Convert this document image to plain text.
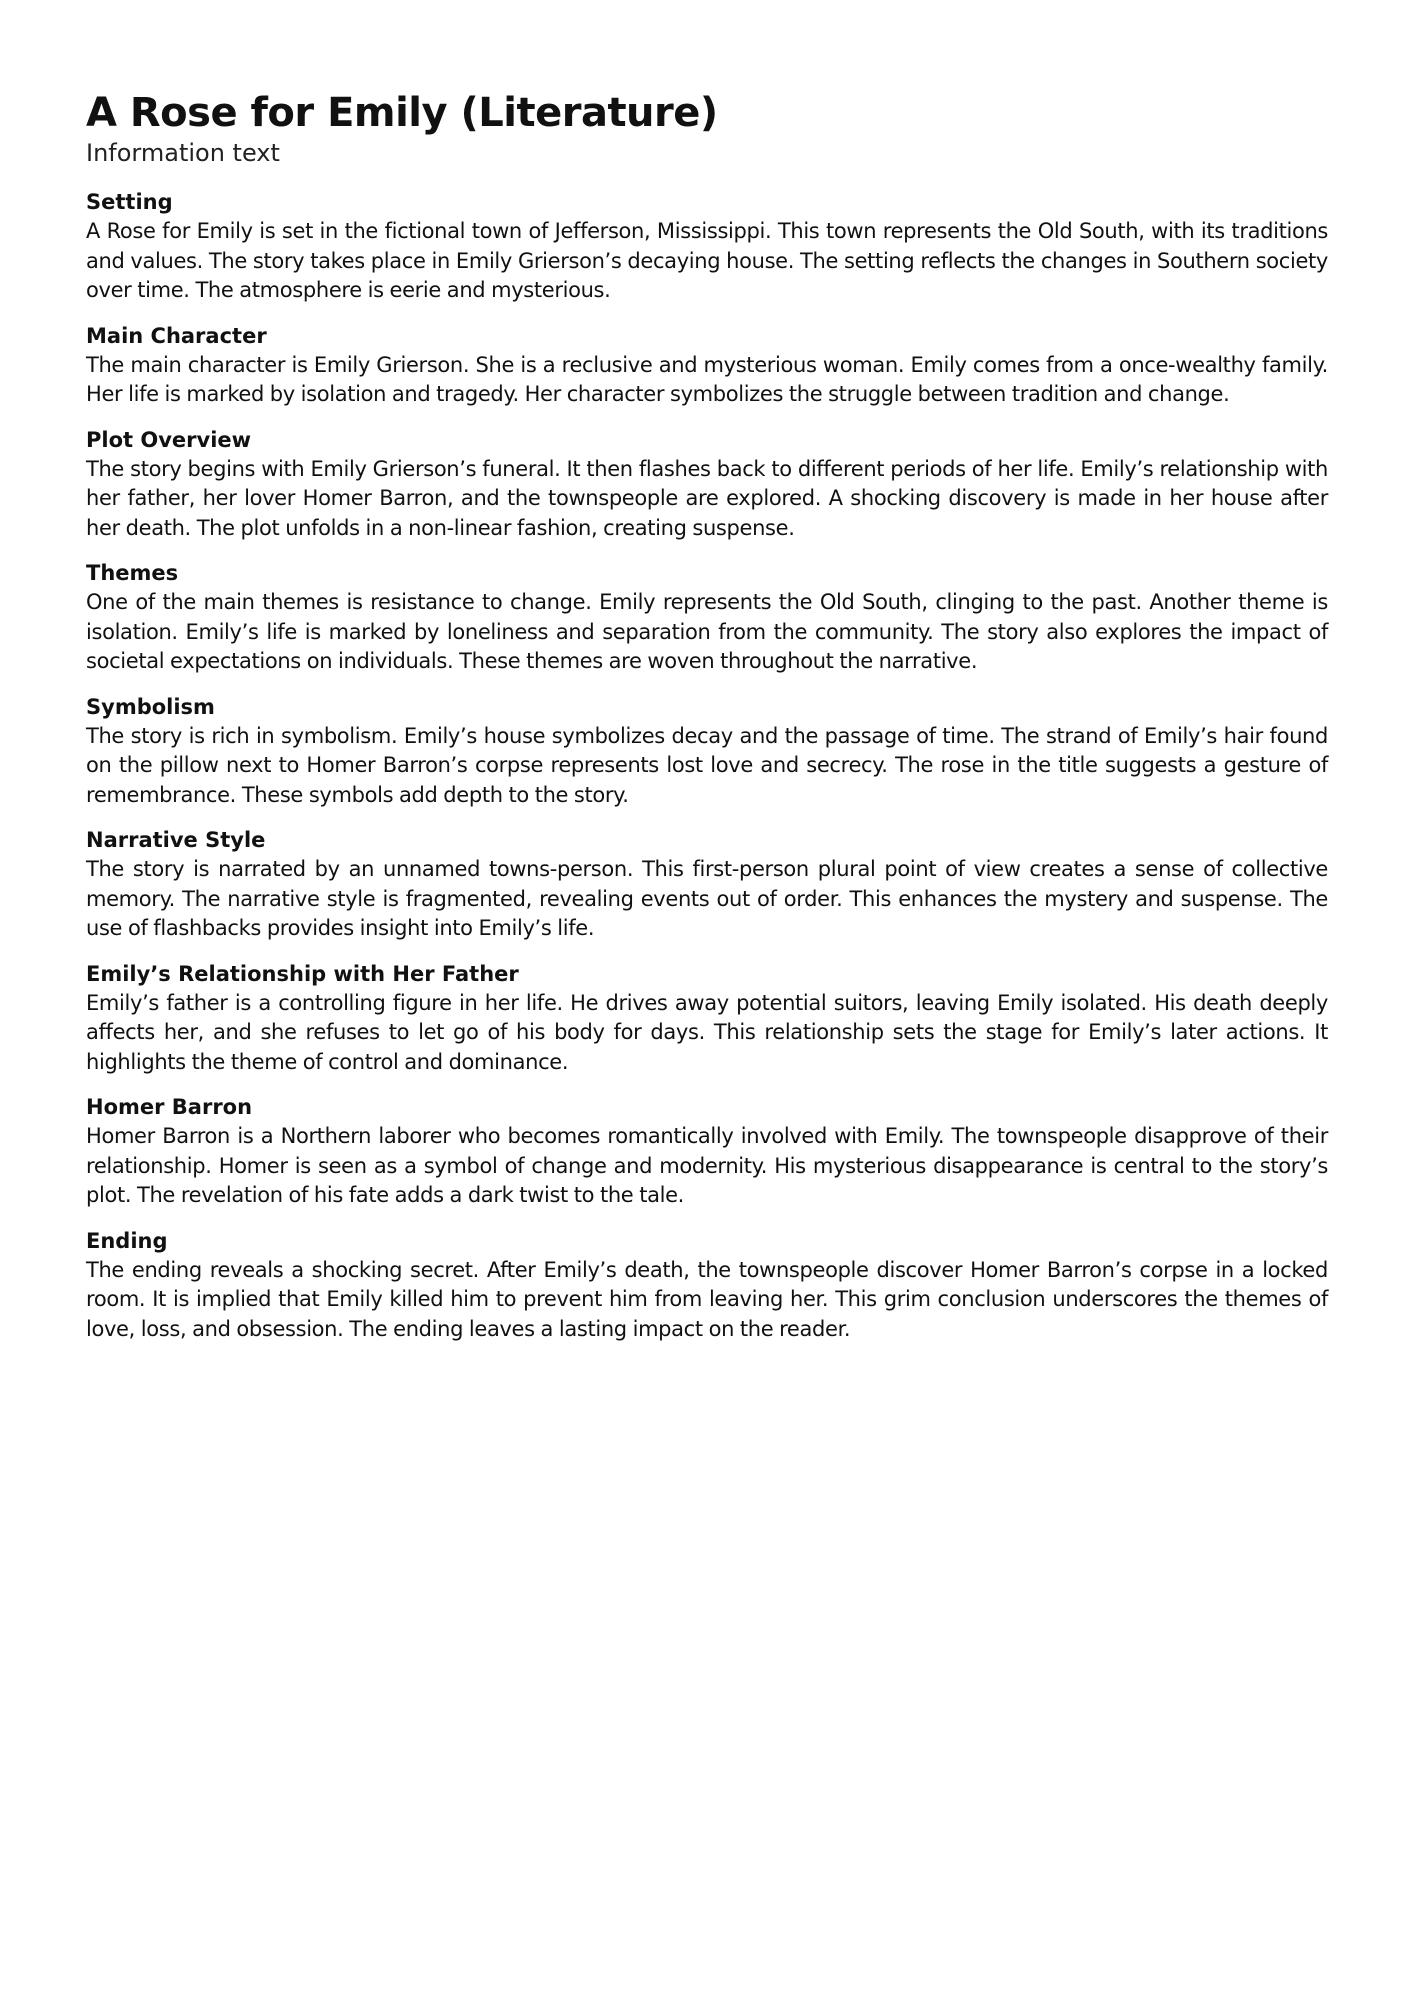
A Rose for Emily (Literature)

Information text

Setting

A Rose for Emily is set in the fictional town of Jefferson, Mississippi. This town represents the Old South, with its traditions and values. The story takes place in Emily Grierson’s decaying house. The setting reflects the changes in Southern society over time. The atmosphere is eerie and mysterious.

Main Character

The main character is Emily Grierson. She is a reclusive and mysterious woman. Emily comes from a once-wealthy family. Her life is marked by isolation and tragedy. Her character symbolizes the struggle between tradition and change.

Plot Overview

The story begins with Emily Grierson’s funeral. It then flashes back to different periods of her life. Emily’s relationship with her father, her lover Homer Barron, and the townspeople are explored. A shocking discovery is made in her house after her death. The plot unfolds in a non-linear fashion, creating suspense.

Themes

One of the main themes is resistance to change. Emily represents the Old South, clinging to the past. Another theme is isolation. Emily’s life is marked by loneliness and separation from the community. The story also explores the impact of societal expectations on individuals. These themes are woven throughout the narrative.

Symbolism

The story is rich in symbolism. Emily’s house symbolizes decay and the passage of time. The strand of Emily’s hair found on the pillow next to Homer Barron’s corpse represents lost love and secrecy. The rose in the title suggests a gesture of remembrance. These symbols add depth to the story.

Narrative Style

The story is narrated by an unnamed towns-person. This first-person plural point of view creates a sense of collective memory. The narrative style is fragmented, revealing events out of order. This enhances the mystery and suspense. The use of flashbacks provides insight into Emily’s life.

Emily’s Relationship with Her Father

Emily’s father is a controlling figure in her life. He drives away potential suitors, leaving Emily isolated. His death deeply affects her, and she refuses to let go of his body for days. This relationship sets the stage for Emily’s later actions. It highlights the theme of control and dominance.

Homer Barron

Homer Barron is a Northern laborer who becomes romantically involved with Emily. The townspeople disapprove of their relationship. Homer is seen as a symbol of change and modernity. His mysterious disappearance is central to the story’s plot. The revelation of his fate adds a dark twist to the tale.

Ending

The ending reveals a shocking secret. After Emily’s death, the townspeople discover Homer Barron’s corpse in a locked room. It is implied that Emily killed him to prevent him from leaving her. This grim conclusion underscores the themes of love, loss, and obsession. The ending leaves a lasting impact on the reader.
